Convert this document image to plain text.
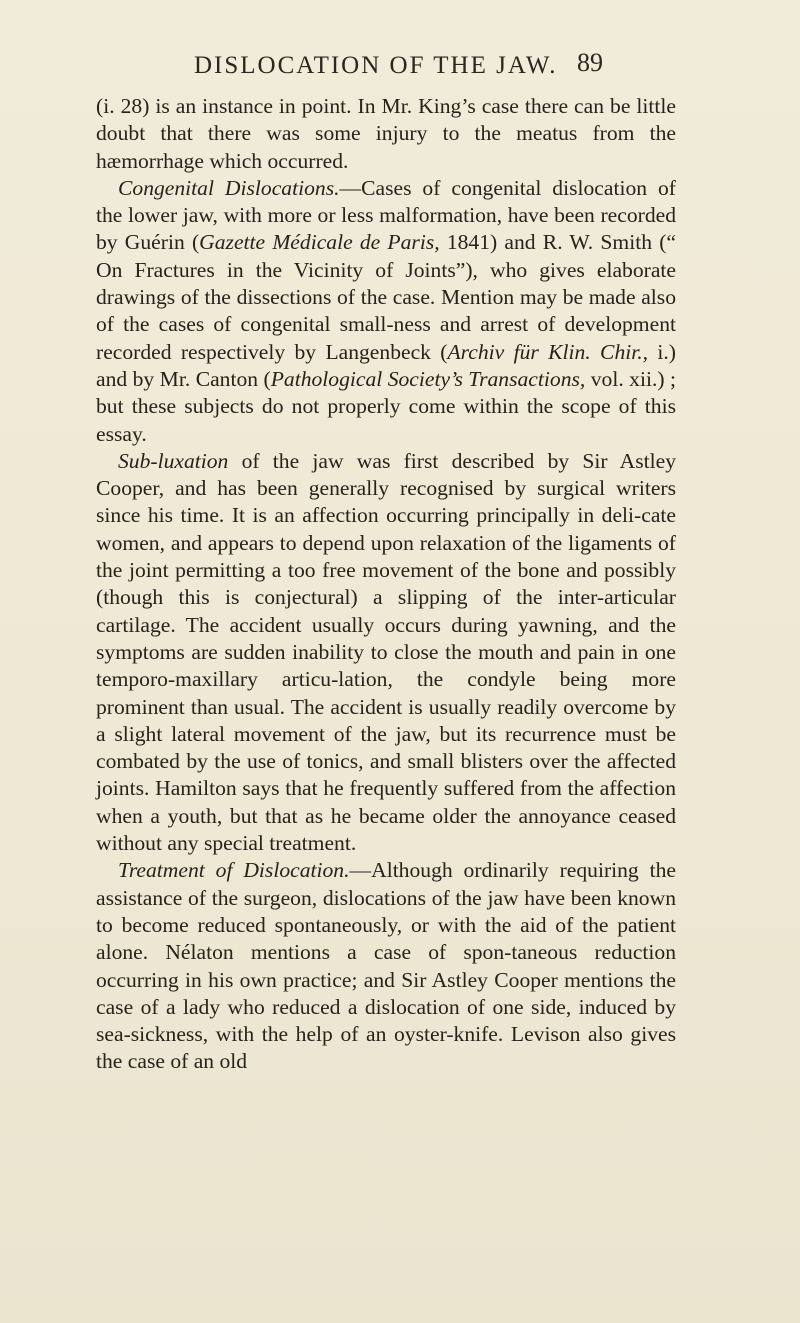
DISLOCATION OF THE JAW. 89

(i. 28) is an instance in point. In Mr. King’s case there can be little doubt that there was some injury to the meatus from the hæmorrhage which occurred.

Congenital Dislocations.—Cases of congenital dislocation of the lower jaw, with more or less malformation, have been recorded by Guérin (Gazette Médicale de Paris, 1841) and R. W. Smith (“ On Fractures in the Vicinity of Joints”), who gives elaborate drawings of the dissections of the case. Mention may be made also of the cases of congenital small-ness and arrest of development recorded respectively by Langenbeck (Archiv für Klin. Chir., i.) and by Mr. Canton (Pathological Society’s Transactions, vol. xii.) ; but these subjects do not properly come within the scope of this essay.

Sub-luxation of the jaw was first described by Sir Astley Cooper, and has been generally recognised by surgical writers since his time. It is an affection occurring principally in deli-cate women, and appears to depend upon relaxation of the ligaments of the joint permitting a too free movement of the bone and possibly (though this is conjectural) a slipping of the inter-articular cartilage. The accident usually occurs during yawning, and the symptoms are sudden inability to close the mouth and pain in one temporo-maxillary articu-lation, the condyle being more prominent than usual. The accident is usually readily overcome by a slight lateral movement of the jaw, but its recurrence must be combated by the use of tonics, and small blisters over the affected joints. Hamilton says that he frequently suffered from the affection when a youth, but that as he became older the annoyance ceased without any special treatment.

Treatment of Dislocation.—Although ordinarily requiring the assistance of the surgeon, dislocations of the jaw have been known to become reduced spontaneously, or with the aid of the patient alone. Nélaton mentions a case of spon-taneous reduction occurring in his own practice; and Sir Astley Cooper mentions the case of a lady who reduced a dislocation of one side, induced by sea-sickness, with the help of an oyster-knife. Levison also gives the case of an old
